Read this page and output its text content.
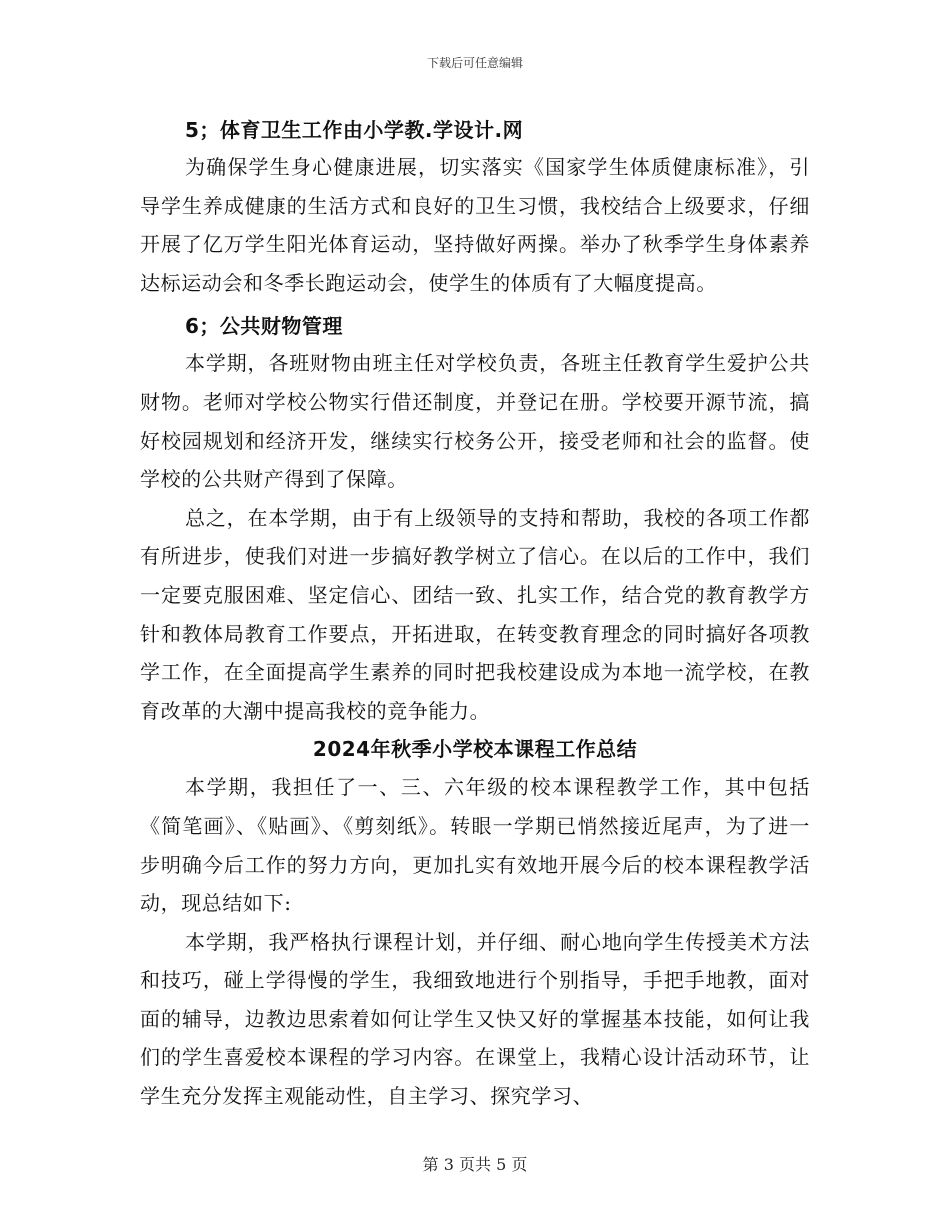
下载后可任意编辑
5；体育卫生工作由小学教.学设计.网

为确保学生身心健康进展，切实落实《国家学生体质健康标准》，引导学生养成健康的生活方式和良好的卫生习惯，我校结合上级要求，仔细开展了亿万学生阳光体育运动，坚持做好两操。举办了秋季学生身体素养达标运动会和冬季长跑运动会，使学生的体质有了大幅度提高。

6；公共财物管理

本学期，各班财物由班主任对学校负责，各班主任教育学生爱护公共财物。老师对学校公物实行借还制度，并登记在册。学校要开源节流，搞好校园规划和经济开发，继续实行校务公开，接受老师和社会的监督。使学校的公共财产得到了保障。

总之，在本学期，由于有上级领导的支持和帮助，我校的各项工作都有所进步，使我们对进一步搞好教学树立了信心。在以后的工作中，我们一定要克服困难、坚定信心、团结一致、扎实工作，结合党的教育教学方针和教体局教育工作要点，开拓进取，在转变教育理念的同时搞好各项教学工作，在全面提高学生素养的同时把我校建设成为本地一流学校，在教育改革的大潮中提高我校的竞争能力。

2024年秋季小学校本课程工作总结

本学期，我担任了一、三、六年级的校本课程教学工作，其中包括《简笔画》、《贴画》、《剪刻纸》。转眼一学期已悄然接近尾声，为了进一步明确今后工作的努力方向，更加扎实有效地开展今后的校本课程教学活动，现总结如下:

本学期，我严格执行课程计划，并仔细、耐心地向学生传授美术方法和技巧，碰上学得慢的学生，我细致地进行个别指导，手把手地教，面对面的辅导，边教边思索着如何让学生又快又好的掌握基本技能，如何让我们的学生喜爱校本课程的学习内容。在课堂上，我精心设计活动环节，让学生充分发挥主观能动性，自主学习、探究学习、

第 3 页共 5 页
